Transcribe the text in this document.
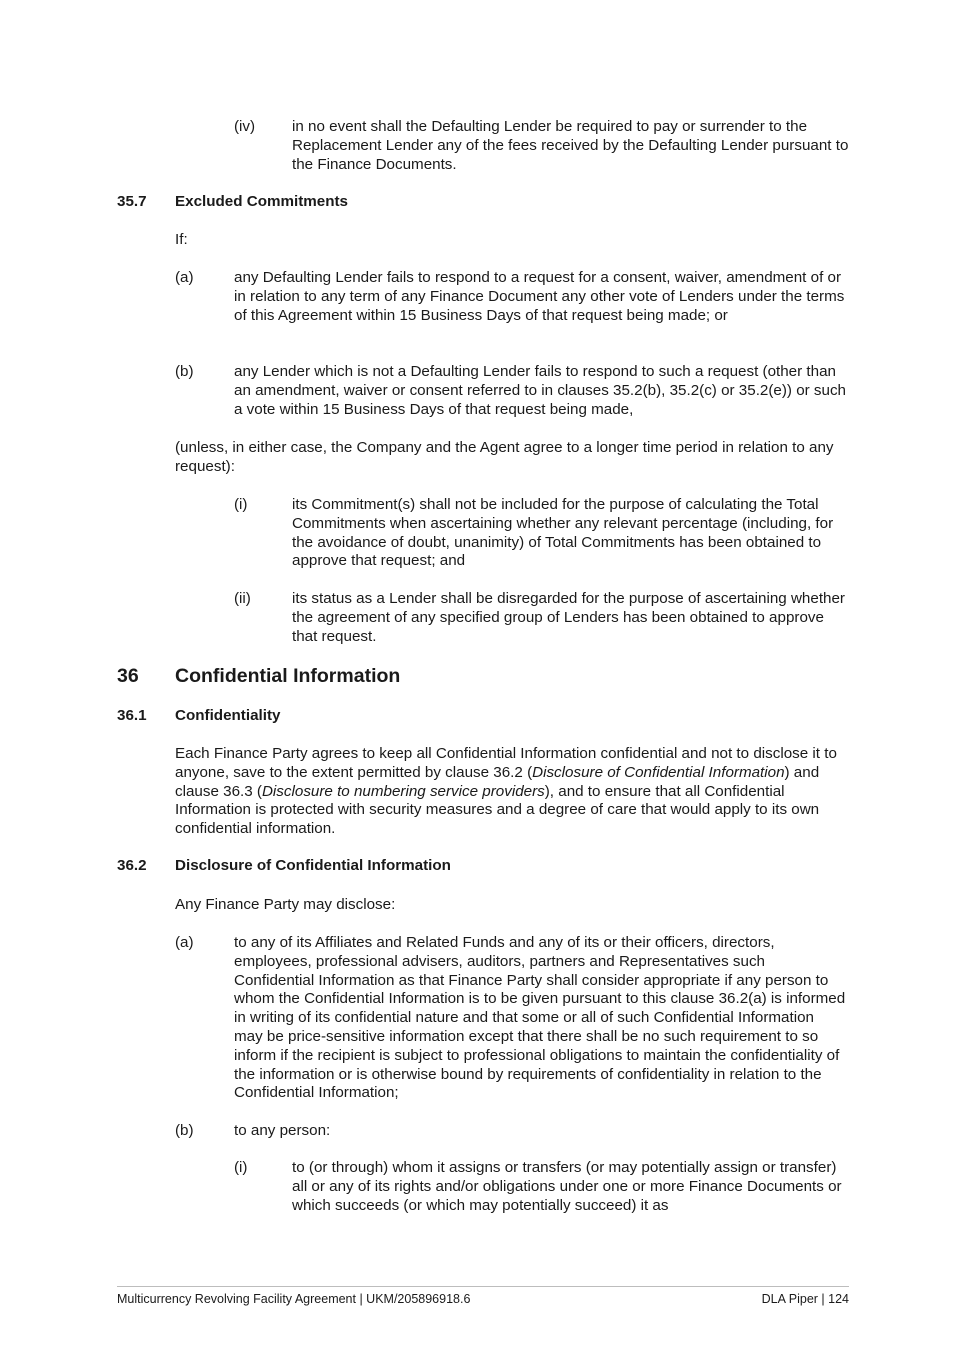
(iv) in no event shall the Defaulting Lender be required to pay or surrender to the Replacement Lender any of the fees received by the Defaulting Lender pursuant to the Finance Documents.

35.7 Excluded Commitments

If:

(a)	any Defaulting Lender fails to respond to a request for a consent, waiver, amendment of or in relation to any term of any Finance Document any other vote of Lenders under the terms of this Agreement within 15 Business Days of that request being made; or

(b)	any Lender which is not a Defaulting Lender fails to respond to such a request (other than an amendment, waiver or consent referred to in clauses 35.2(b), 35.2(c) or 35.2(e)) or such a vote within 15 Business Days of that request being made,

(unless, in either case, the Company and the Agent agree to a longer time period in relation to any request):

(i)	its Commitment(s) shall not be included for the purpose of calculating the Total Commitments when ascertaining whether any relevant percentage (including, for the avoidance of doubt, unanimity) of Total Commitments has been obtained to approve that request; and

(ii)	its status as a Lender shall be disregarded for the purpose of ascertaining whether the agreement of any specified group of Lenders has been obtained to approve that request.

36 Confidential Information
36.1 Confidentiality

Each Finance Party agrees to keep all Confidential Information confidential and not to disclose it to anyone, save to the extent permitted by clause 36.2 (Disclosure of Confidential Information) and clause 36.3 (Disclosure to numbering service providers), and to ensure that all Confidential Information is protected with security measures and a degree of care that would apply to its own confidential information.

36.2 Disclosure of Confidential Information

Any Finance Party may disclose:

(a)	to any of its Affiliates and Related Funds and any of its or their officers, directors, employees, professional advisers, auditors, partners and Representatives such Confidential Information as that Finance Party shall consider appropriate if any person to whom the Confidential Information is to be given pursuant to this clause 36.2(a) is informed in writing of its confidential nature and that some or all of such Confidential Information may be price-sensitive information except that there shall be no such requirement to so inform if the recipient is subject to professional obligations to maintain the confidentiality of the information or is otherwise bound by requirements of confidentiality in relation to the Confidential Information;

(b)	to any person:

(i)	to (or through) whom it assigns or transfers (or may potentially assign or transfer) all or any of its rights and/or obligations under one or more Finance Documents or which succeeds (or which may potentially succeed) it as

Multicurrency Revolving Facility Agreement | UKM/205896918.6	DLA Piper | 124
